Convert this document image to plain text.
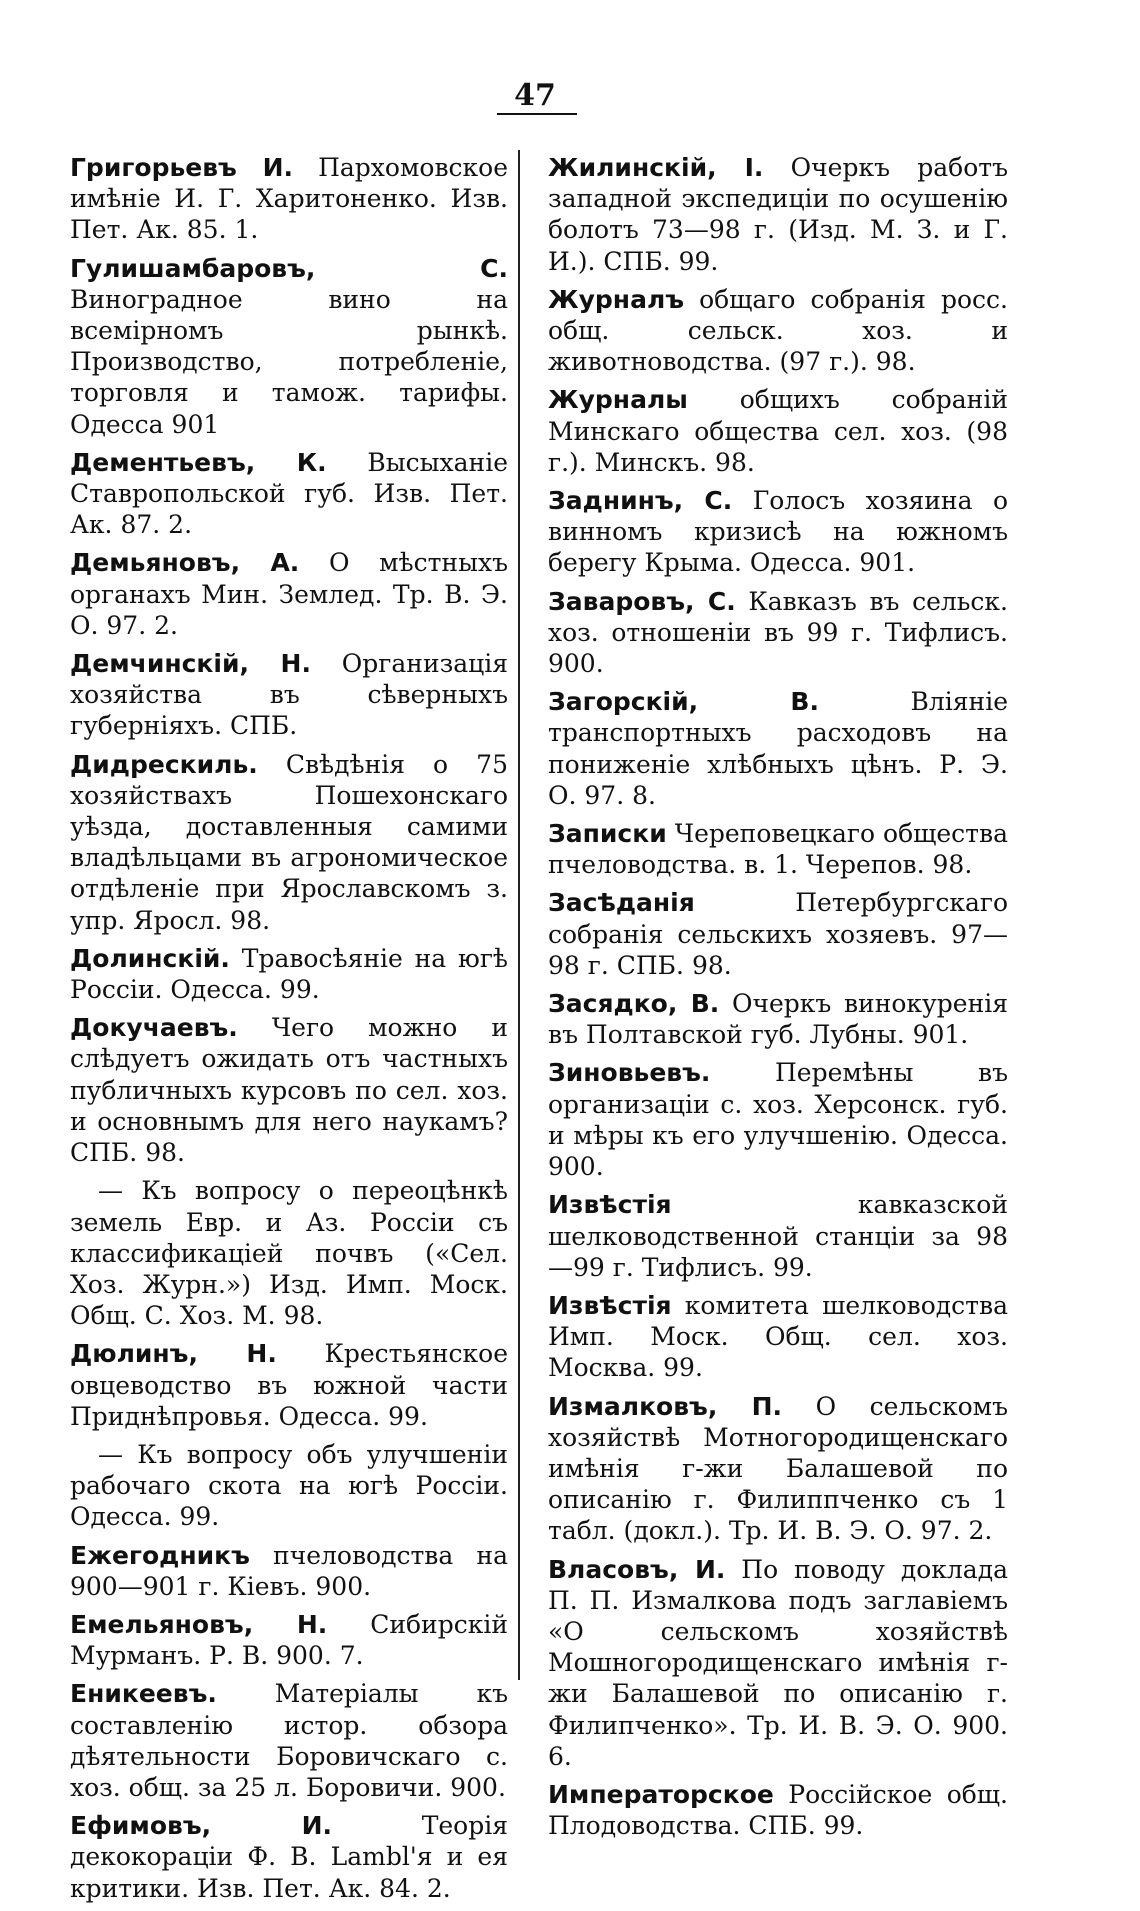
47
Григорьевъ И. Пархомовское имѣніе И. Г. Харитоненко. Изв. Пет. Ак. 85. 1.
Гулишамбаровъ, С. Виноградное вино на всемірномъ рынкѣ. Производство, потребленіе, торговля и тамож. тарифы. Одесса 901
Дементьевъ, К. Высыханіе Ставропольской губ. Изв. Пет. Ак. 87. 2.
Демьяновъ, А. О мѣстныхъ органахъ Мин. Землед. Тр. В. Э. О. 97. 2.
Демчинскій, Н. Организація хозяйства въ сѣверныхъ губерніяхъ. СПБ.
Дидрескиль. Свѣдѣнія о 75 хозяйствахъ Пошехонскаго уѣзда, доставленныя самими владѣльцами въ агрономическое отдѣленіе при Ярославскомъ з. упр. Яросл. 98.
Долинскій. Травосѣяніе на югѣ Россіи. Одесса. 99.
Докучаевъ. Чего можно и слѣдуетъ ожидать отъ частныхъ публичныхъ курсовъ по сел. хоз. и основнымъ для него наукамъ? СПБ. 98.
— Къ вопросу о переоцѣнкѣ земель Евр. и Аз. Россіи съ классификаціей почвъ («Сел. Хоз. Журн.») Изд. Имп. Моск. Общ. С. Хоз. М. 98.
Дюлинъ, Н. Крестьянское овцеводство въ южной части Приднѣпровья. Одесса. 99.
— Къ вопросу объ улучшеніи рабочаго скота на югѣ Россіи. Одесса. 99.
Ежегодникъ пчеловодства на 900—901 г. Кіевъ. 900.
Емельяновъ, Н. Сибирскій Мурманъ. Р. В. 900. 7.
Еникеевъ. Матеріалы къ составленію истор. обзора дѣятельности Боровичскаго с. хоз. общ. за 25 л. Боровичи. 900.
Ефимовъ, И. Теорія декокораціи Ф. В. Lambl'я и ея критики. Изв. Пет. Ак. 84. 2.
Жилинскій, І. Очеркъ работъ западной экспедиціи по осушенію болотъ 73—98 г. (Изд. М. З. и Г. И.). СПБ. 99.
Журналъ общаго собранія росс. общ. сельск. хоз. и животноводства. (97 г.). 98.
Журналы общихъ собраній Минскаго общества сел. хоз. (98 г.). Минскъ. 98.
Заднинъ, С. Голосъ хозяина о винномъ кризисѣ на южномъ берегу Крыма. Одесса. 901.
Заваровъ, С. Кавказъ въ сельск. хоз. отношеніи въ 99 г. Тифлисъ. 900.
Загорскій, В. Вліяніе транспортныхъ расходовъ на пониженіе хлѣбныхъ цѣнъ. Р. Э. О. 97. 8.
Записки Череповецкаго общества пчеловодства. в. 1. Черепов. 98.
Засѣданія Петербургскаго собранія сельскихъ хозяевъ. 97—98 г. СПБ. 98.
Засядко, В. Очеркъ винокуренія въ Полтавской губ. Лубны. 901.
Зиновьевъ. Перемѣны въ организаціи с. хоз. Херсонск. губ. и мѣры къ его улучшенію. Одесса. 900.
Извѣстія кавказской шелководственной станціи за 98—99 г. Тифлисъ. 99.
Извѣстія комитета шелководства Имп. Моск. Общ. сел. хоз. Москва. 99.
Измалковъ, П. О сельскомъ хозяйствѣ Мотногородищенскаго имѣнія г-жи Балашевой по описанію г. Филиппченко съ 1 табл. (докл.). Тр. И. В. Э. О. 97. 2.
Власовъ, И. По поводу доклада П. П. Измалкова подъ заглавіемъ «О сельскомъ хозяйствѣ Мошногородищенскаго имѣнія г-жи Балашевой по описанію г. Филипченко». Тр. И. В. Э. О. 900. 6.
Императорское Россійское общ. Плодоводства. СПБ. 99.
